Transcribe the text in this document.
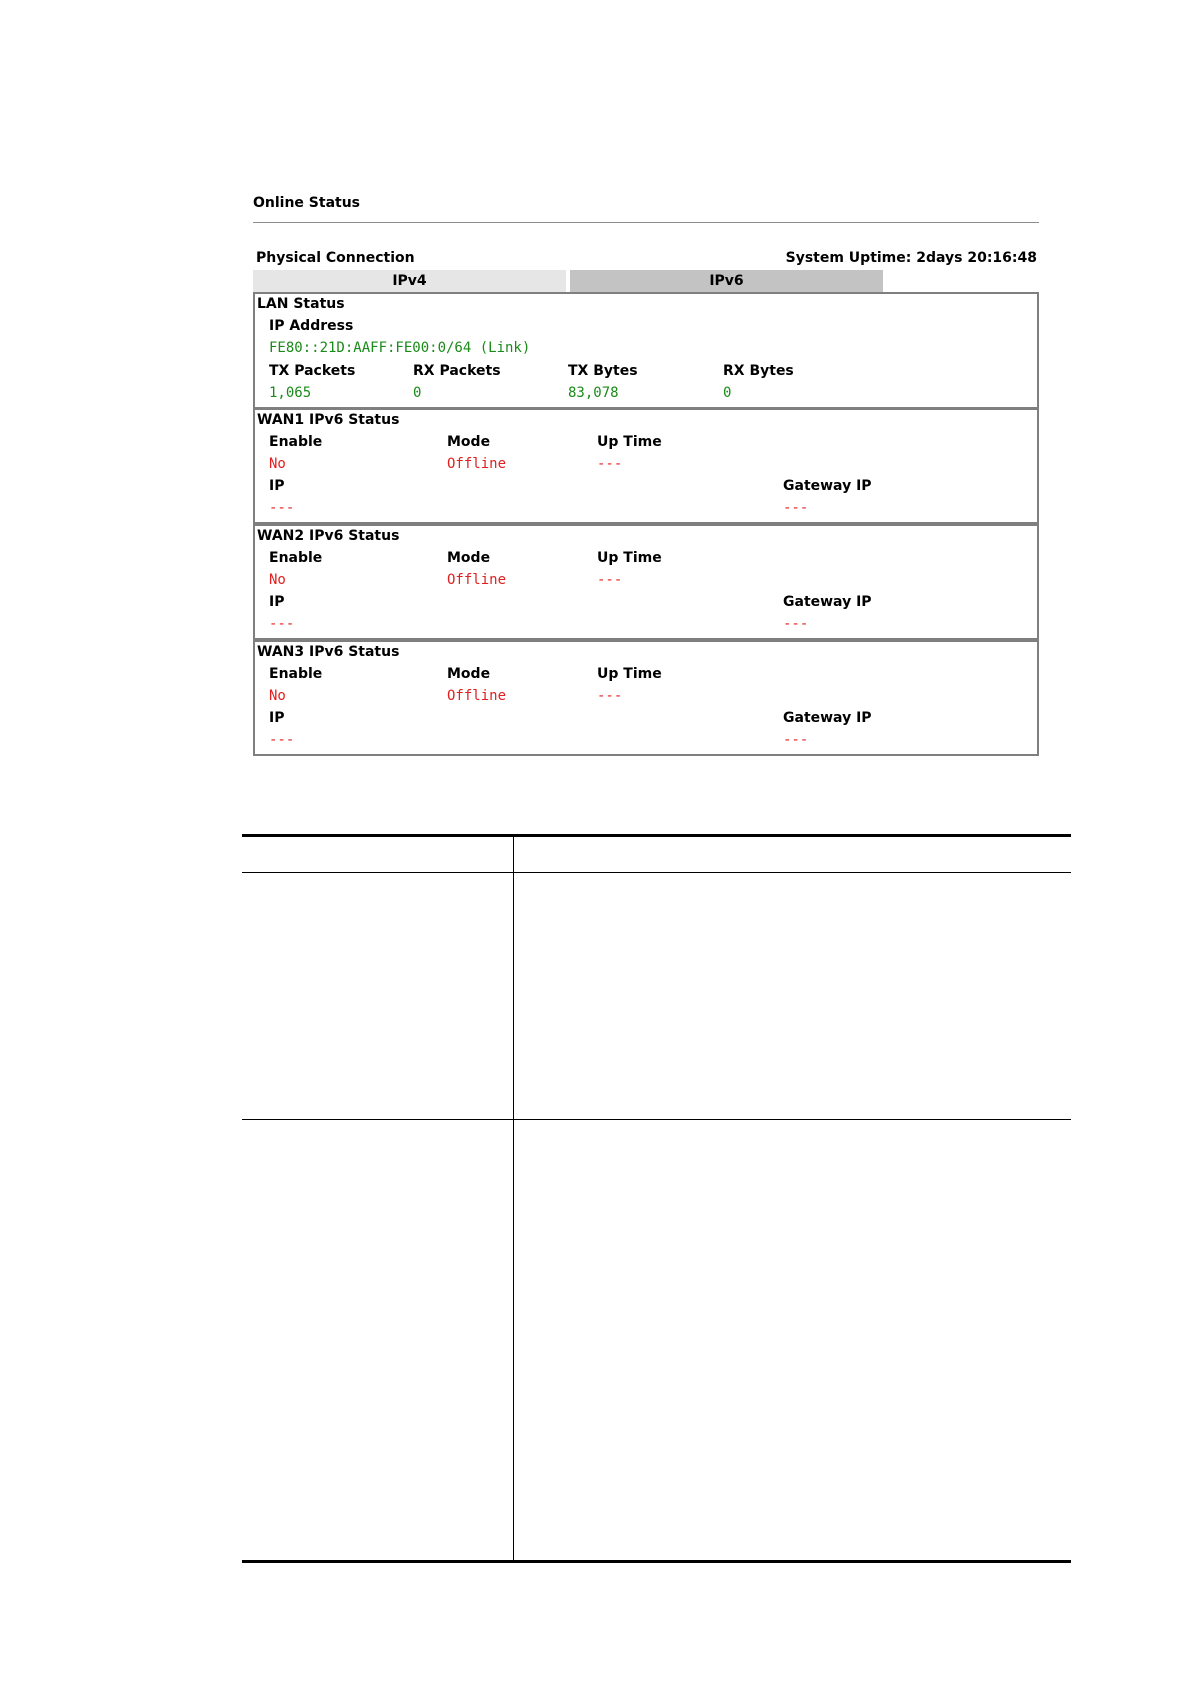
Online Status
Physical Connection	System Uptime: 2days 20:16:48
IPv4	IPv6
LAN Status
IP Address
FE80::21D:AAFF:FE00:0/64 (Link)
TX Packets	RX Packets	TX Bytes	RX Bytes
1,065	0	83,078	0
WAN1 IPv6 Status
Enable	Mode	Up Time
No	Offline	---
IP	Gateway IP
---	---
WAN2 IPv6 Status
Enable	Mode	Up Time
No	Offline	---
IP	Gateway IP
---	---
WAN3 IPv6 Status
Enable	Mode	Up Time
No	Offline	---
IP	Gateway IP
---	---
